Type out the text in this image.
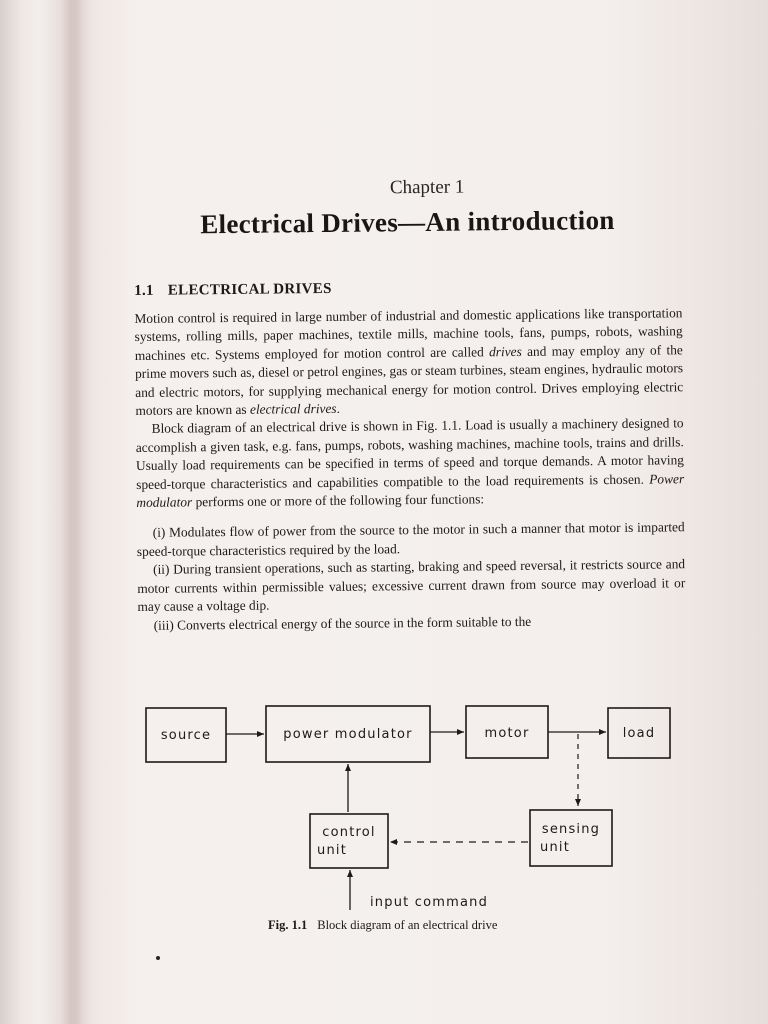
Chapter 1
Electrical Drives—An introduction
1.1 ELECTRICAL DRIVES

Motion control is required in large number of industrial and domestic applications like transportation systems, rolling mills, paper machines, textile mills, machine tools, fans, pumps, robots, washing machines etc. Systems employed for motion control are called drives and may employ any of the prime movers such as, diesel or petrol engines, gas or steam turbines, steam engines, hydraulic motors and electric motors, for supplying mechanical energy for motion control. Drives employing electric motors are known as electrical drives.

Block diagram of an electrical drive is shown in Fig. 1.1. Load is usually a machinery designed to accomplish a given task, e.g. fans, pumps, robots, washing machines, machine tools, trains and drills. Usually load requirements can be specified in terms of speed and torque demands. A motor having speed-torque characteristics and capabilities compatible to the load requirements is chosen. Power modulator performs one or more of the following four functions:

(i) Modulates flow of power from the source to the motor in such a manner that motor is imparted speed-torque characteristics required by the load.

(ii) During transient operations, such as starting, braking and speed reversal, it restricts source and motor currents within permissible values; excessive current drawn from source may overload it or may cause a voltage dip.

(iii) Converts electrical energy of the source in the form suitable to the

source	power modulator	motor	load
control
unit
sensing
unit
input command
Fig. 1.1 Block diagram of an electrical drive
